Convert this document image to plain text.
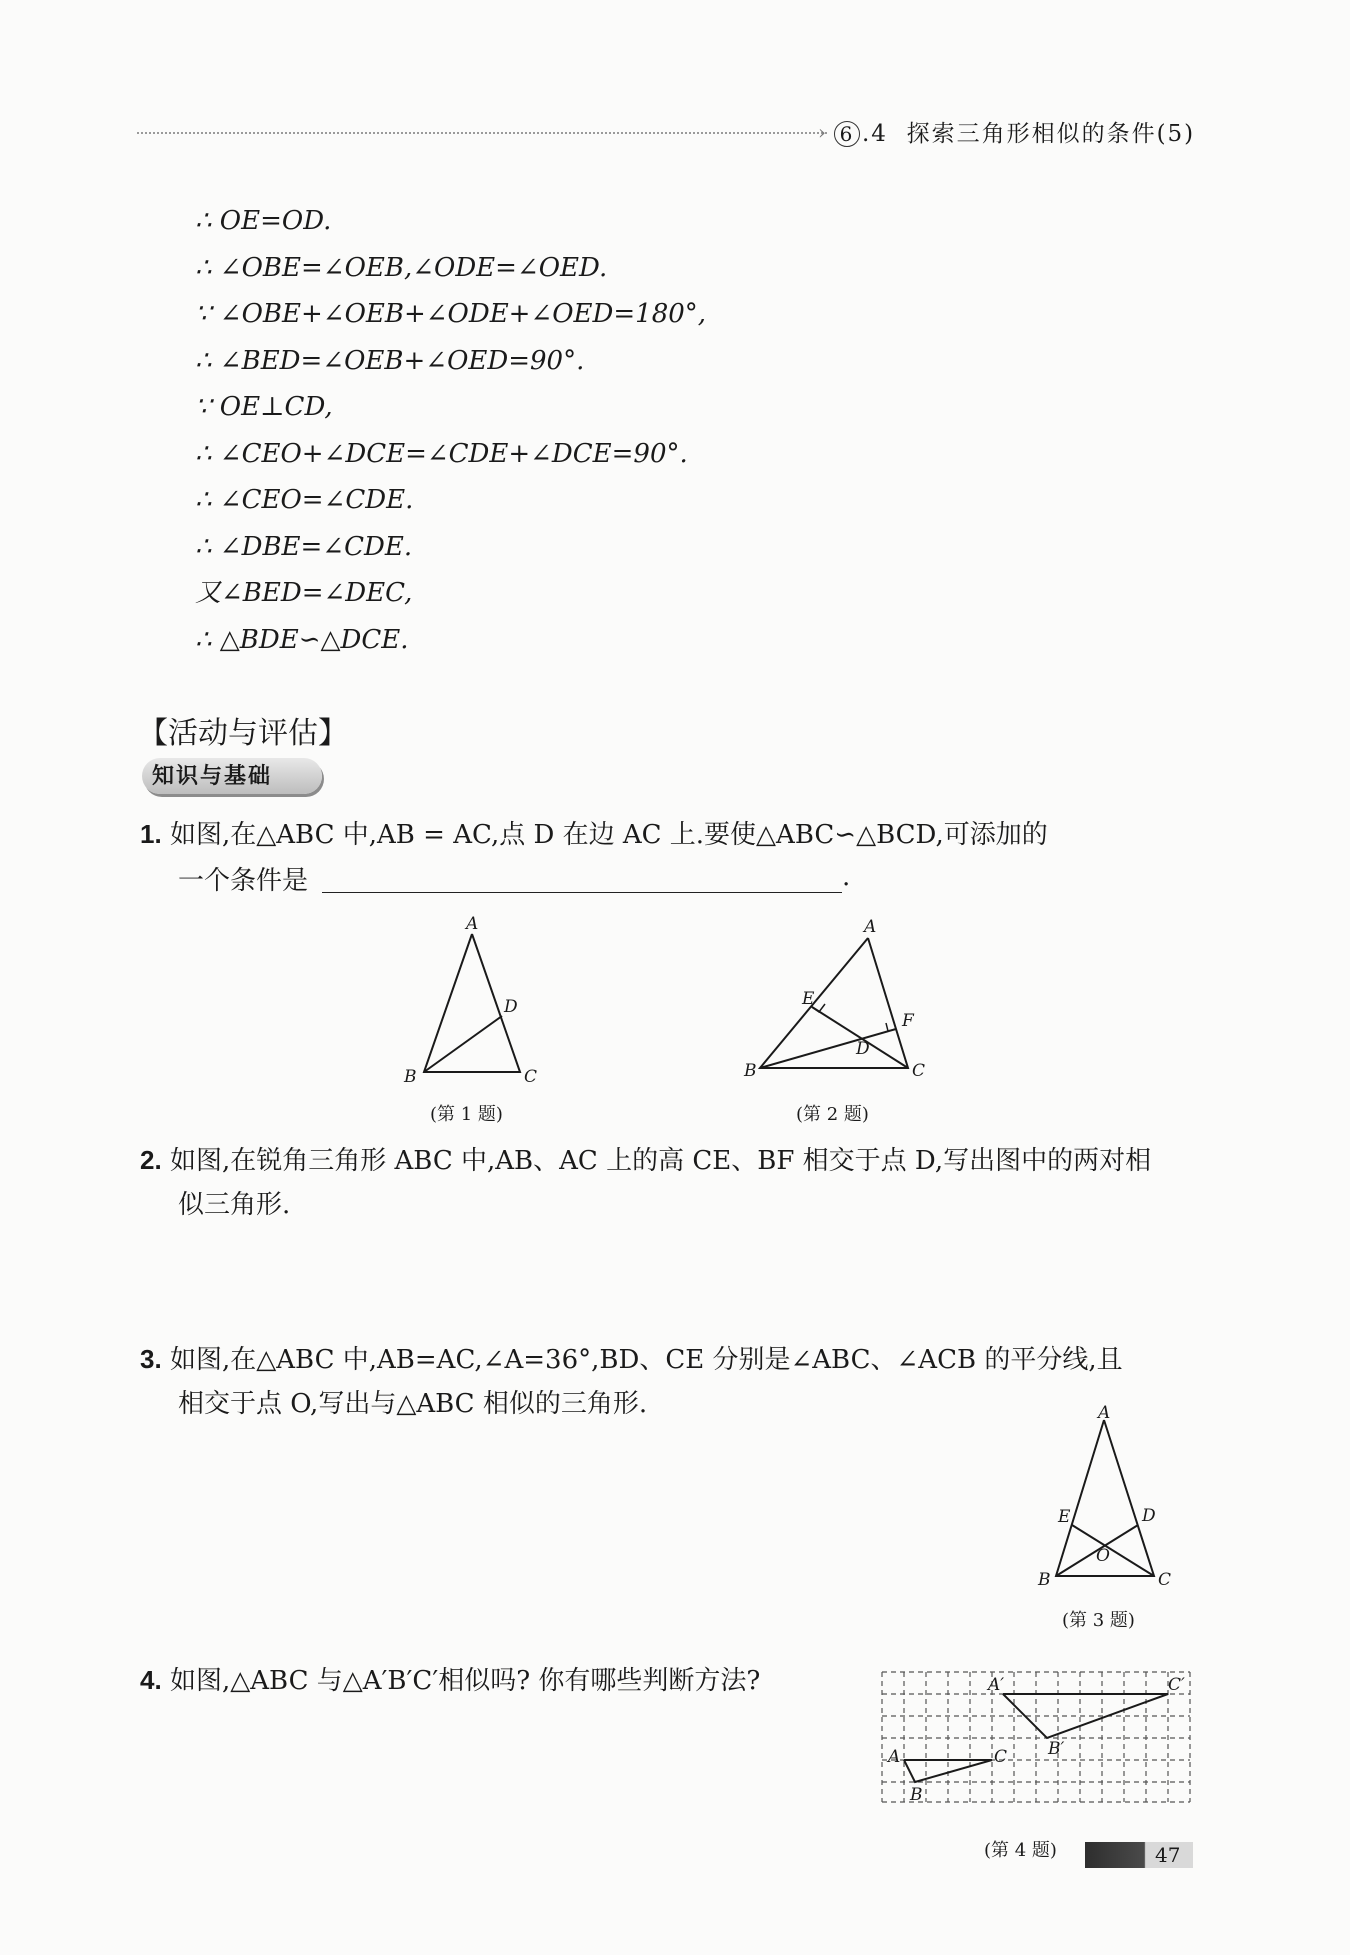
› 6 .4 探索三角形相似的条件(5)
∴ OE=OD.
∴ ∠OBE=∠OEB,∠ODE=∠OED.
∵ ∠OBE+∠OEB+∠ODE+∠OED=180°,
∴ ∠BED=∠OEB+∠OED=90°.
∵ OE⊥CD,
∴ ∠CEO+∠DCE=∠CDE+∠DCE=90°.
∴ ∠CEO=∠CDE.
∴ ∠DBE=∠CDE.
又∠BED=∠DEC,
∴ △BDE∽△DCE.
【活动与评估】
知识与基础
1. 如图,在△ABC 中,AB = AC,点 D 在边 AC 上.要使△ABC∽△BCD,可添加的
一个条件是	.
A
B	C
D
(第 1 题)
A
B	C
D
E
F
(第 2 题)
2. 如图,在锐角三角形 ABC 中,AB、AC 上的高 CE、BF 相交于点 D,写出图中的两对相
似三角形.
3. 如图,在△ABC 中,AB=AC,∠A=36°,BD、CE 分别是∠ABC、∠ACB 的平分线,且
相交于点 O,写出与△ABC 相似的三角形.	A
B	C
D
E
O
(第 3 题)
4. 如图,△ABC 与△A′B′C′相似吗? 你有哪些判断方法?	A′	C′
B′
A	C
B
(第 4 题)	47
